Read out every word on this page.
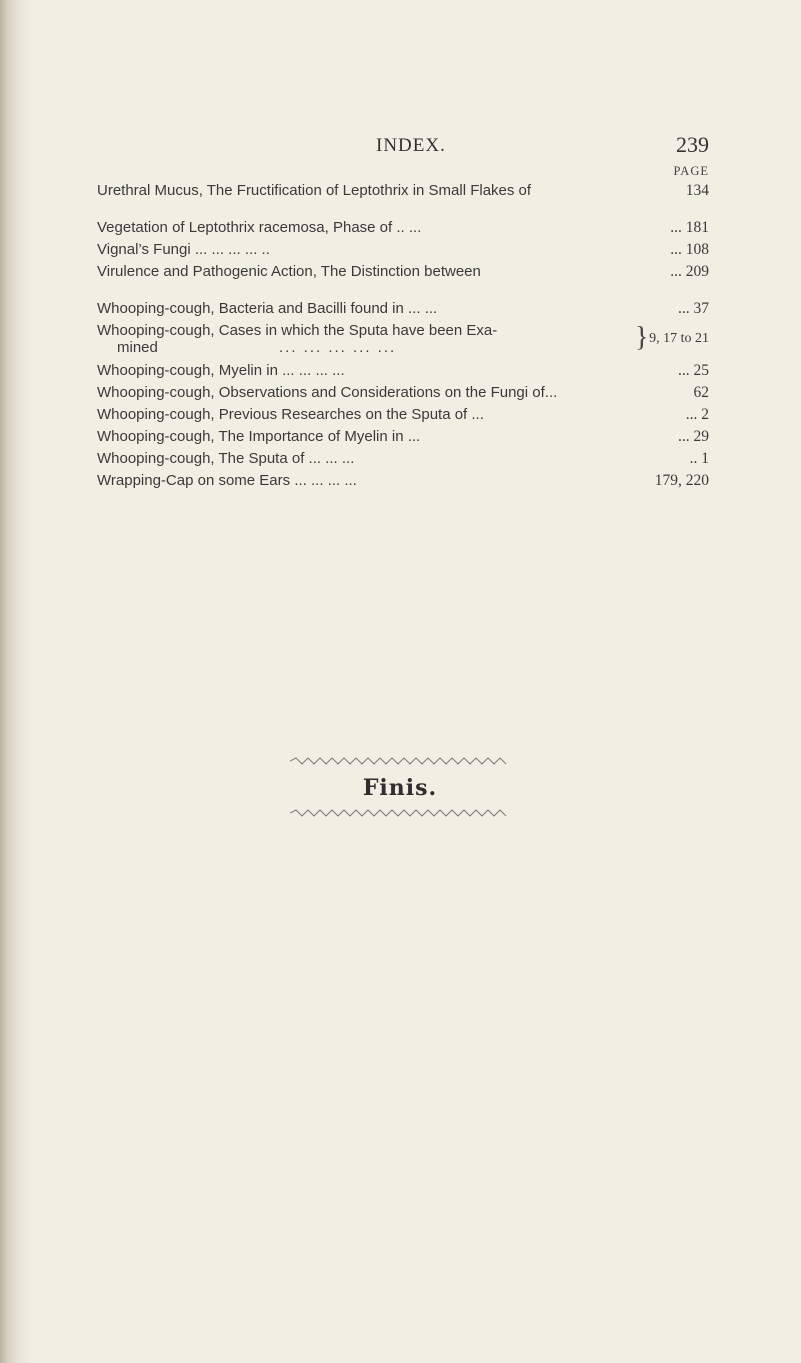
INDEX.	239
PAGE
Urethral Mucus, The Fructification of Leptothrix in Small Flakes of	134
Vegetation of Leptothrix racemosa, Phase of .. ...	... 181
Vignal’s Fungi ... ... ... ... ..	... 108
Virulence and Pathogenic Action, The Distinction between	... 209
Whooping-cough, Bacteria and Bacilli found in ... ...	... 37
Whooping-cough, Cases in which the Sputa have been Exa-
mined	... ... ... ... ...	} 9, 17 to 21
Whooping-cough, Myelin in ... ... ... ...	... 25
Whooping-cough, Observations and Considerations on the Fungi of...	62
Whooping-cough, Previous Researches on the Sputa of ...	... 2
Whooping-cough, The Importance of Myelin in ...	... 29
Whooping-cough, The Sputa of ... ... ...	.. 1
Wrapping-Cap on some Ears ... ... ... ...	179, 220
Finis.
